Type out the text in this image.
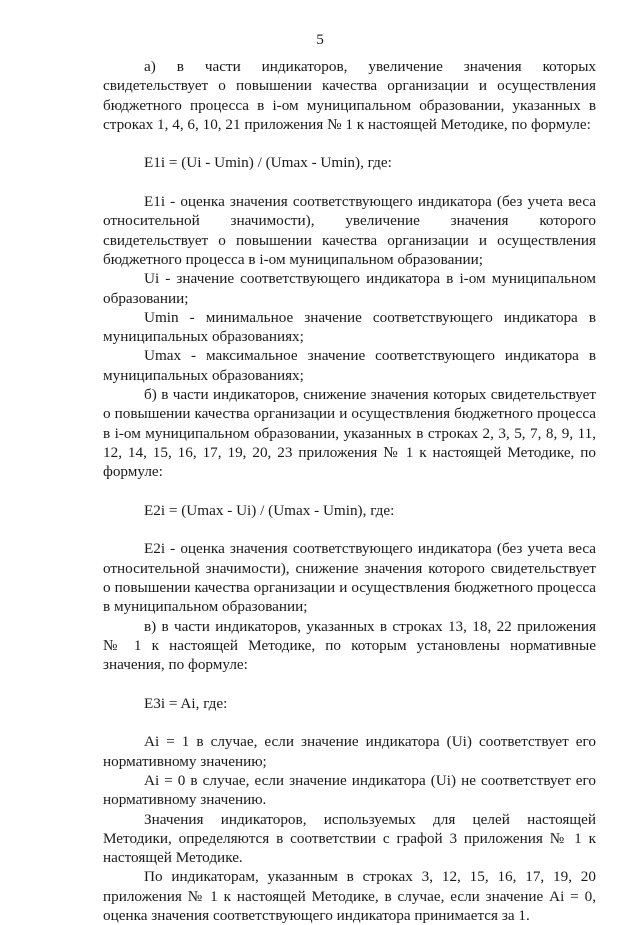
5

а) в части индикаторов, увеличение значения которых свидетельствует о повышении качества организации и осуществления бюджетного процесса в i-ом муниципальном образовании, указанных в строках 1, 4, 6, 10, 21 приложения № 1 к настоящей Методике, по формуле:

E1i = (Ui - Umin) / (Umax - Umin), где:

E1i - оценка значения соответствующего индикатора (без учета веса относительной значимости), увеличение значения которого свидетельствует о повышении качества организации и осуществления бюджетного процесса в i-ом муниципальном образовании;

Ui - значение соответствующего индикатора в i-ом муниципальном образовании;

Umin - минимальное значение соответствующего индикатора в муниципальных образованиях;

Umax - максимальное значение соответствующего индикатора в муниципальных образованиях;

б) в части индикаторов, снижение значения которых свидетельствует о повышении качества организации и осуществления бюджетного процесса в i-ом муниципальном образовании, указанных в строках 2, 3, 5, 7, 8, 9, 11, 12, 14, 15, 16, 17, 19, 20, 23 приложения № 1 к настоящей Методике, по формуле:

E2i = (Umax - Ui) / (Umax - Umin), где:

E2i - оценка значения соответствующего индикатора (без учета веса относительной значимости), снижение значения которого свидетельствует о повышении качества организации и осуществления бюджетного процесса в муниципальном образовании;

в) в части индикаторов, указанных в строках 13, 18, 22 приложения № 1 к настоящей Методике, по которым установлены нормативные значения, по формуле:

E3i = Ai, где:

Ai = 1 в случае, если значение индикатора (Ui) соответствует его нормативному значению;

Ai = 0 в случае, если значение индикатора (Ui) не соответствует его нормативному значению.

Значения индикаторов, используемых для целей настоящей Методики, определяются в соответствии с графой 3 приложения № 1 к настоящей Методике.

По индикаторам, указанным в строках 3, 12, 15, 16, 17, 19, 20 приложения № 1 к настоящей Методике, в случае, если значение Ai = 0, оценка значения соответствующего индикатора принимается за 1.
